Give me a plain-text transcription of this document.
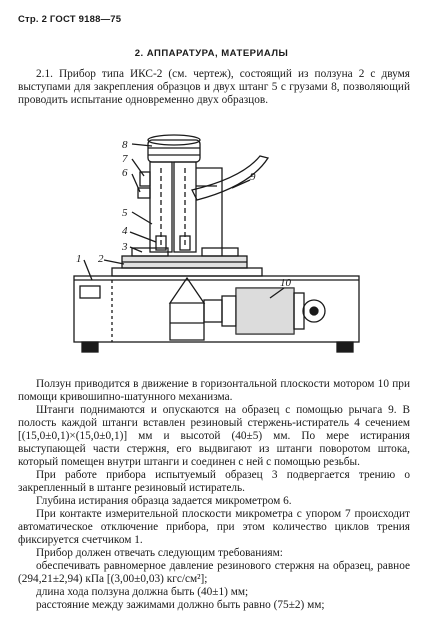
Стр. 2 ГОСТ 9188—75
2. АППАРАТУРА, МАТЕРИАЛЫ
2.1. Прибор типа ИКС-2 (см. чертеж), состоящий из ползуна 2 с двумя выступами для закрепления образцов и двух штанг 5 с грузами 8, позволяющий проводить испытание одновременно двух образцов.
8
7
6
5
4
3
2
1
9
10
Ползун приводится в движение в горизонтальной плоскости мотором 10 при помощи кривошипно-шатунного механизма.
Штанги поднимаются и опускаются на образец с помощью рычага 9. В полость каждой штанги вставлен резиновый стержень-истиратель 4 сечением [(15,0±0,1)×(15,0±0,1)] мм и высотой (40±5) мм. По мере истирания выступающей части стержня, его выдвигают из штанги поворотом штока, который помещен внутри штанги и соединен с ней с помощью резьбы.
При работе прибора испытуемый образец 3 подвергается трению о закрепленный в штанге резиновый истиратель.
Глубина истирания образца задается микрометром 6.
При контакте измерительной плоскости микрометра с упором 7 происходит автоматическое отключение прибора, при этом количество циклов трения фиксируется счетчиком 1.
Прибор должен отвечать следующим требованиям:
обеспечивать равномерное давление резинового стержня на образец, равное (294,21±2,94) кПа [(3,00±0,03) кгс/см²];
длина хода ползуна должна быть (40±1) мм;
расстояние между зажимами должно быть равно (75±2) мм;
